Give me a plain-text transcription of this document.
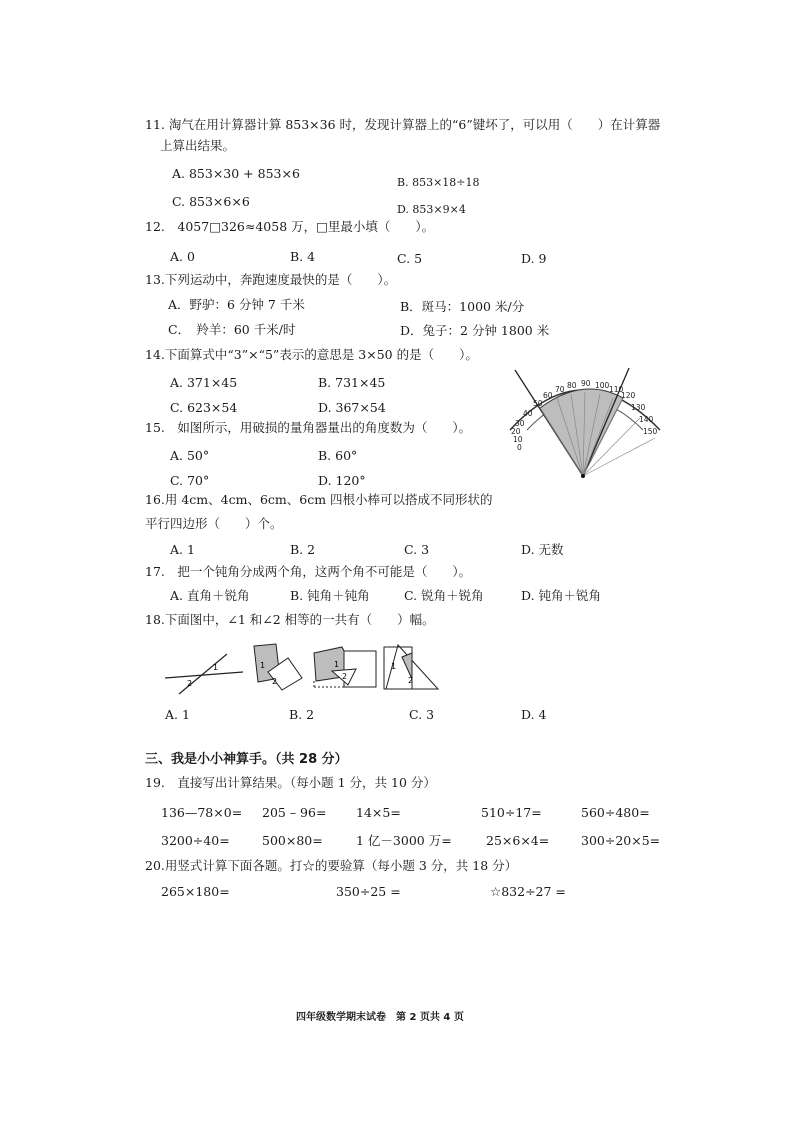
11. 淘气在用计算器计算 853×36 时，发现计算器上的“6”键坏了，可以用（　　）在计算器
上算出结果。
A. 853×30 + 853×6
B. 853×18÷18
C. 853×6×6
D. 853×9×4
12.　4057□326≈4058 万，□里最小填（　　）。
A. 0	B. 4	C. 5	D. 9
13.下列运动中，奔跑速度最快的是（　　）。
A．野驴：6 分钟 7 千米	B．斑马：1000 米/分
C．　羚羊：60 千米/时	D．兔子：2 分钟 1800 米
14.下面算式中“3”×“5”表示的意思是 3×50 的是（　　）。
A. 371×45	B. 731×45
C. 623×54	D. 367×54
15.　如图所示，用破损的量角器量出的角度数为（　　）。
A. 50°	B. 60°
C. 70°	D. 120°
90
80
70
60
50
40
100 110
120
130
140
150
30
20
10
0
16.用 4cm、4cm、6cm、6cm 四根小棒可以搭成不同形状的
平行四边形（　　）个。
A. 1	B. 2	C. 3	D. 无数
17.　把一个钝角分成两个角，这两个角不可能是（　　）。
A. 直角＋锐角	B. 钝角＋钝角	C. 锐角＋锐角	D. 钝角＋锐角
18.下面图中，∠1 和∠2 相等的一共有（　　）幅。
1
2
1
2
1
2
1
2
A. 1	B. 2	C. 3	D. 4
三、我是小小神算手。（共 28 分）
19.　直接写出计算结果。（每小题 1 分，共 10 分）
136—78×0= 205 – 96= 14×5=	510÷17=	560÷480=
3200÷40=	500×80=	1 亿－3000 万=	25×6×4=	300÷20×5=
20.用竖式计算下面各题。打☆的要验算（每小题 3 分，共 18 分）
265×180=	350÷25 =	☆832÷27 =
四年级数学期末试卷　第 2 页共 4 页
